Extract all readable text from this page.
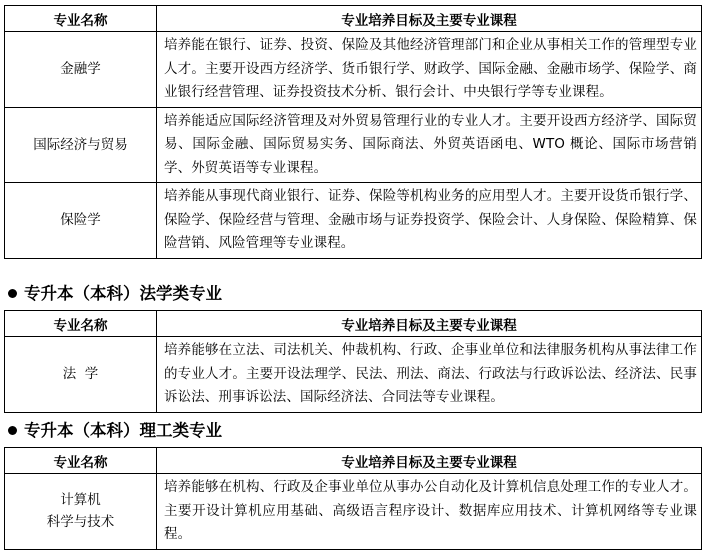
专业名称	专业培养目标及主要专业课程
金融学	培养能在银行、证券、投资、保险及其他经济管理部门和企业从事相关工作的管理型专业人才。主要开设西方经济学、货币银行学、财政学、国际金融、金融市场学、保险学、商业银行经营管理、证券投资技术分析、银行会计、中央银行学等专业课程。
国际经济与贸易	培养能适应国际经济管理及对外贸易管理行业的专业人才。主要开设西方经济学、国际贸易、国际金融、国际贸易实务、国际商法、外贸英语函电、WTO 概论、国际市场营销学、外贸英语等专业课程。
保险学	培养能从事现代商业银行、证券、保险等机构业务的应用型人才。主要开设货币银行学、保险学、保险经营与管理、金融市场与证券投资学、保险会计、人身保险、保险精算、保险营销、风险管理等专业课程。
专升本（本科）法学类专业
专业名称	专业培养目标及主要专业课程
法  学	培养能够在立法、司法机关、仲裁机构、行政、企事业单位和法律服务机构从事法律工作的专业人才。主要开设法理学、民法、刑法、商法、行政法与行政诉讼法、经济法、民事诉讼法、刑事诉讼法、国际经济法、合同法等专业课程。
专升本（本科）理工类专业
专业名称	专业培养目标及主要专业课程

计算机
科学与技术	培养能够在机构、行政及企事业单位从事办公自动化及计算机信息处理工作的专业人才。主要开设计算机应用基础、高级语言程序设计、数据库应用技术、计算机网络等专业课程。
